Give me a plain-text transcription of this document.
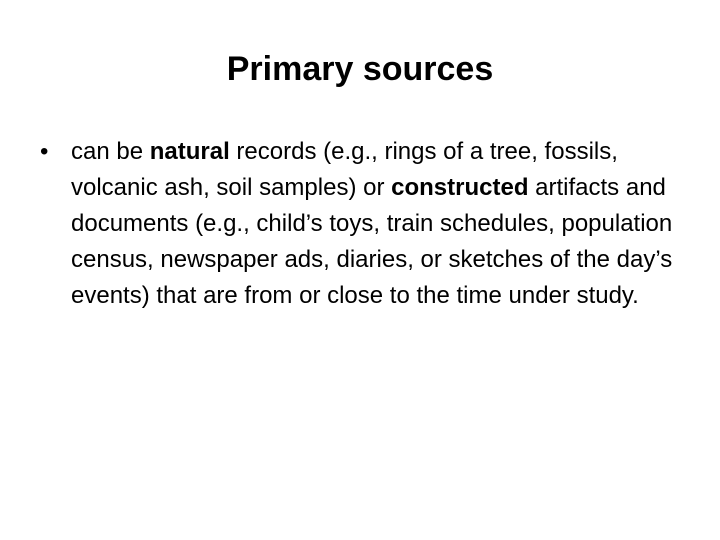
Primary sources
• can be natural records (e.g., rings of a tree, fossils, volcanic ash, soil samples) or constructed artifacts and documents (e.g., child’s toys, train schedules, population census, newspaper ads, diaries, or sketches of the day’s events) that are from or close to the time under study.
